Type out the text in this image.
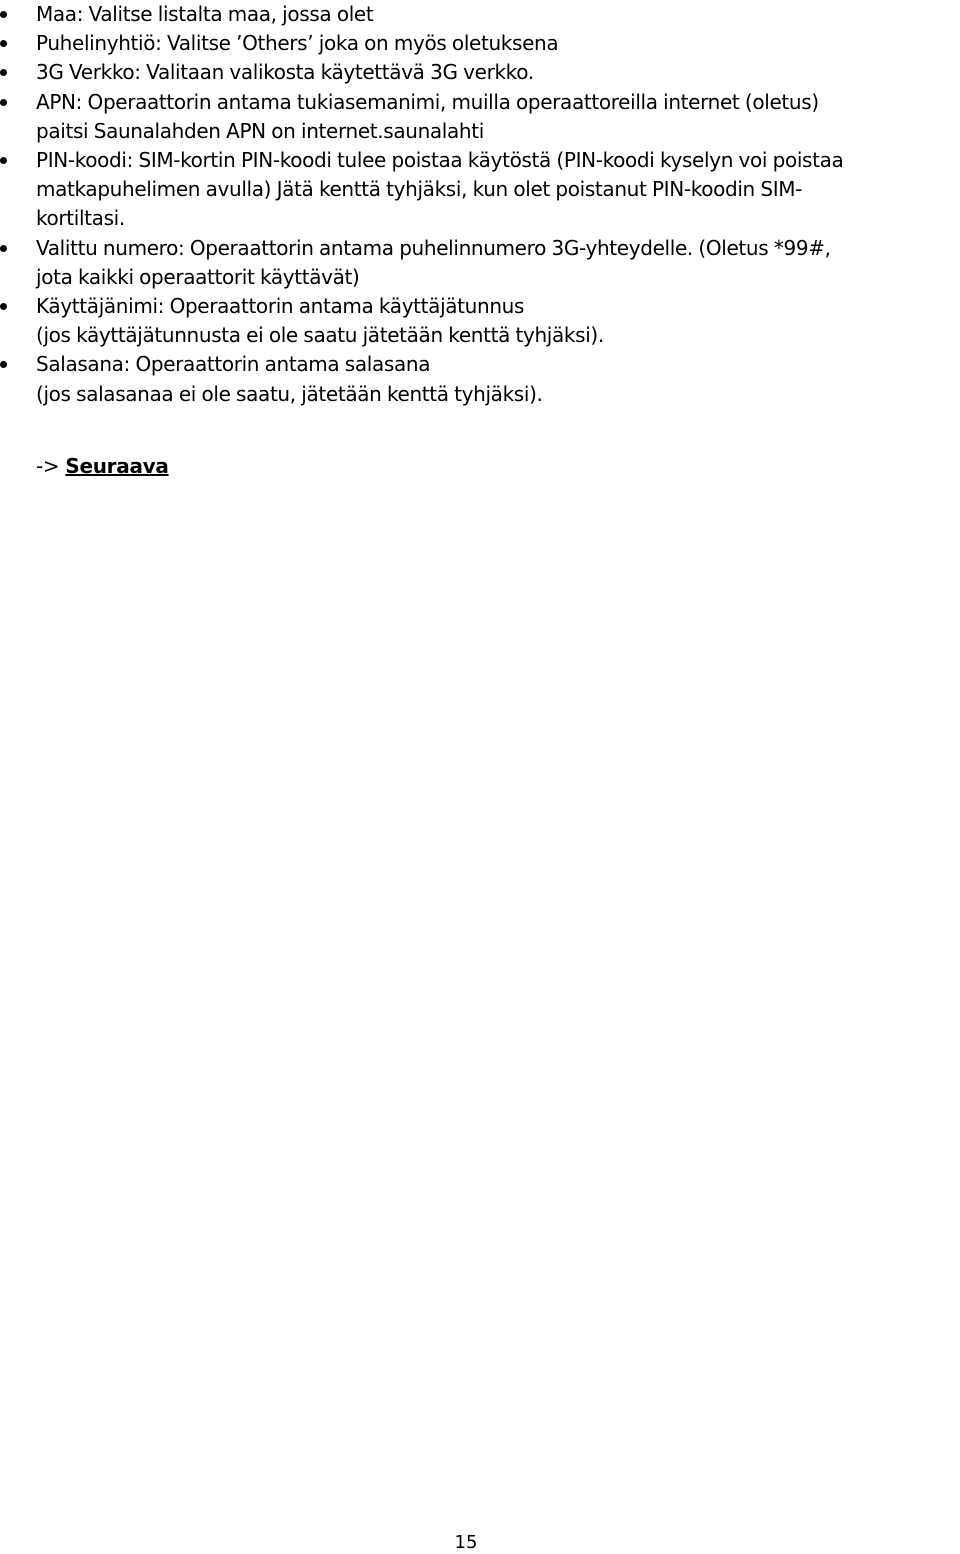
Maa: Valitse listalta maa, jossa olet
Puhelinyhtiö: Valitse ’Others’ joka on myös oletuksena
3G Verkko: Valitaan valikosta käytettävä 3G verkko.
APN: Operaattorin antama tukiasemanimi, muilla operaattoreilla internet (oletus)
paitsi Saunalahden APN on internet.saunalahti
PIN-koodi: SIM-kortin PIN-koodi tulee poistaa käytöstä (PIN-koodi kyselyn voi poistaa
matkapuhelimen avulla) Jätä kenttä tyhjäksi, kun olet poistanut PIN-koodin SIM-
kortiltasi.
Valittu numero: Operaattorin antama puhelinnumero 3G-yhteydelle. (Oletus *99#,
jota kaikki operaattorit käyttävät)
Käyttäjänimi: Operaattorin antama käyttäjätunnus
(jos käyttäjätunnusta ei ole saatu jätetään kenttä tyhjäksi).
Salasana: Operaattorin antama salasana
(jos salasanaa ei ole saatu, jätetään kenttä tyhjäksi).
-> Seuraava
15
